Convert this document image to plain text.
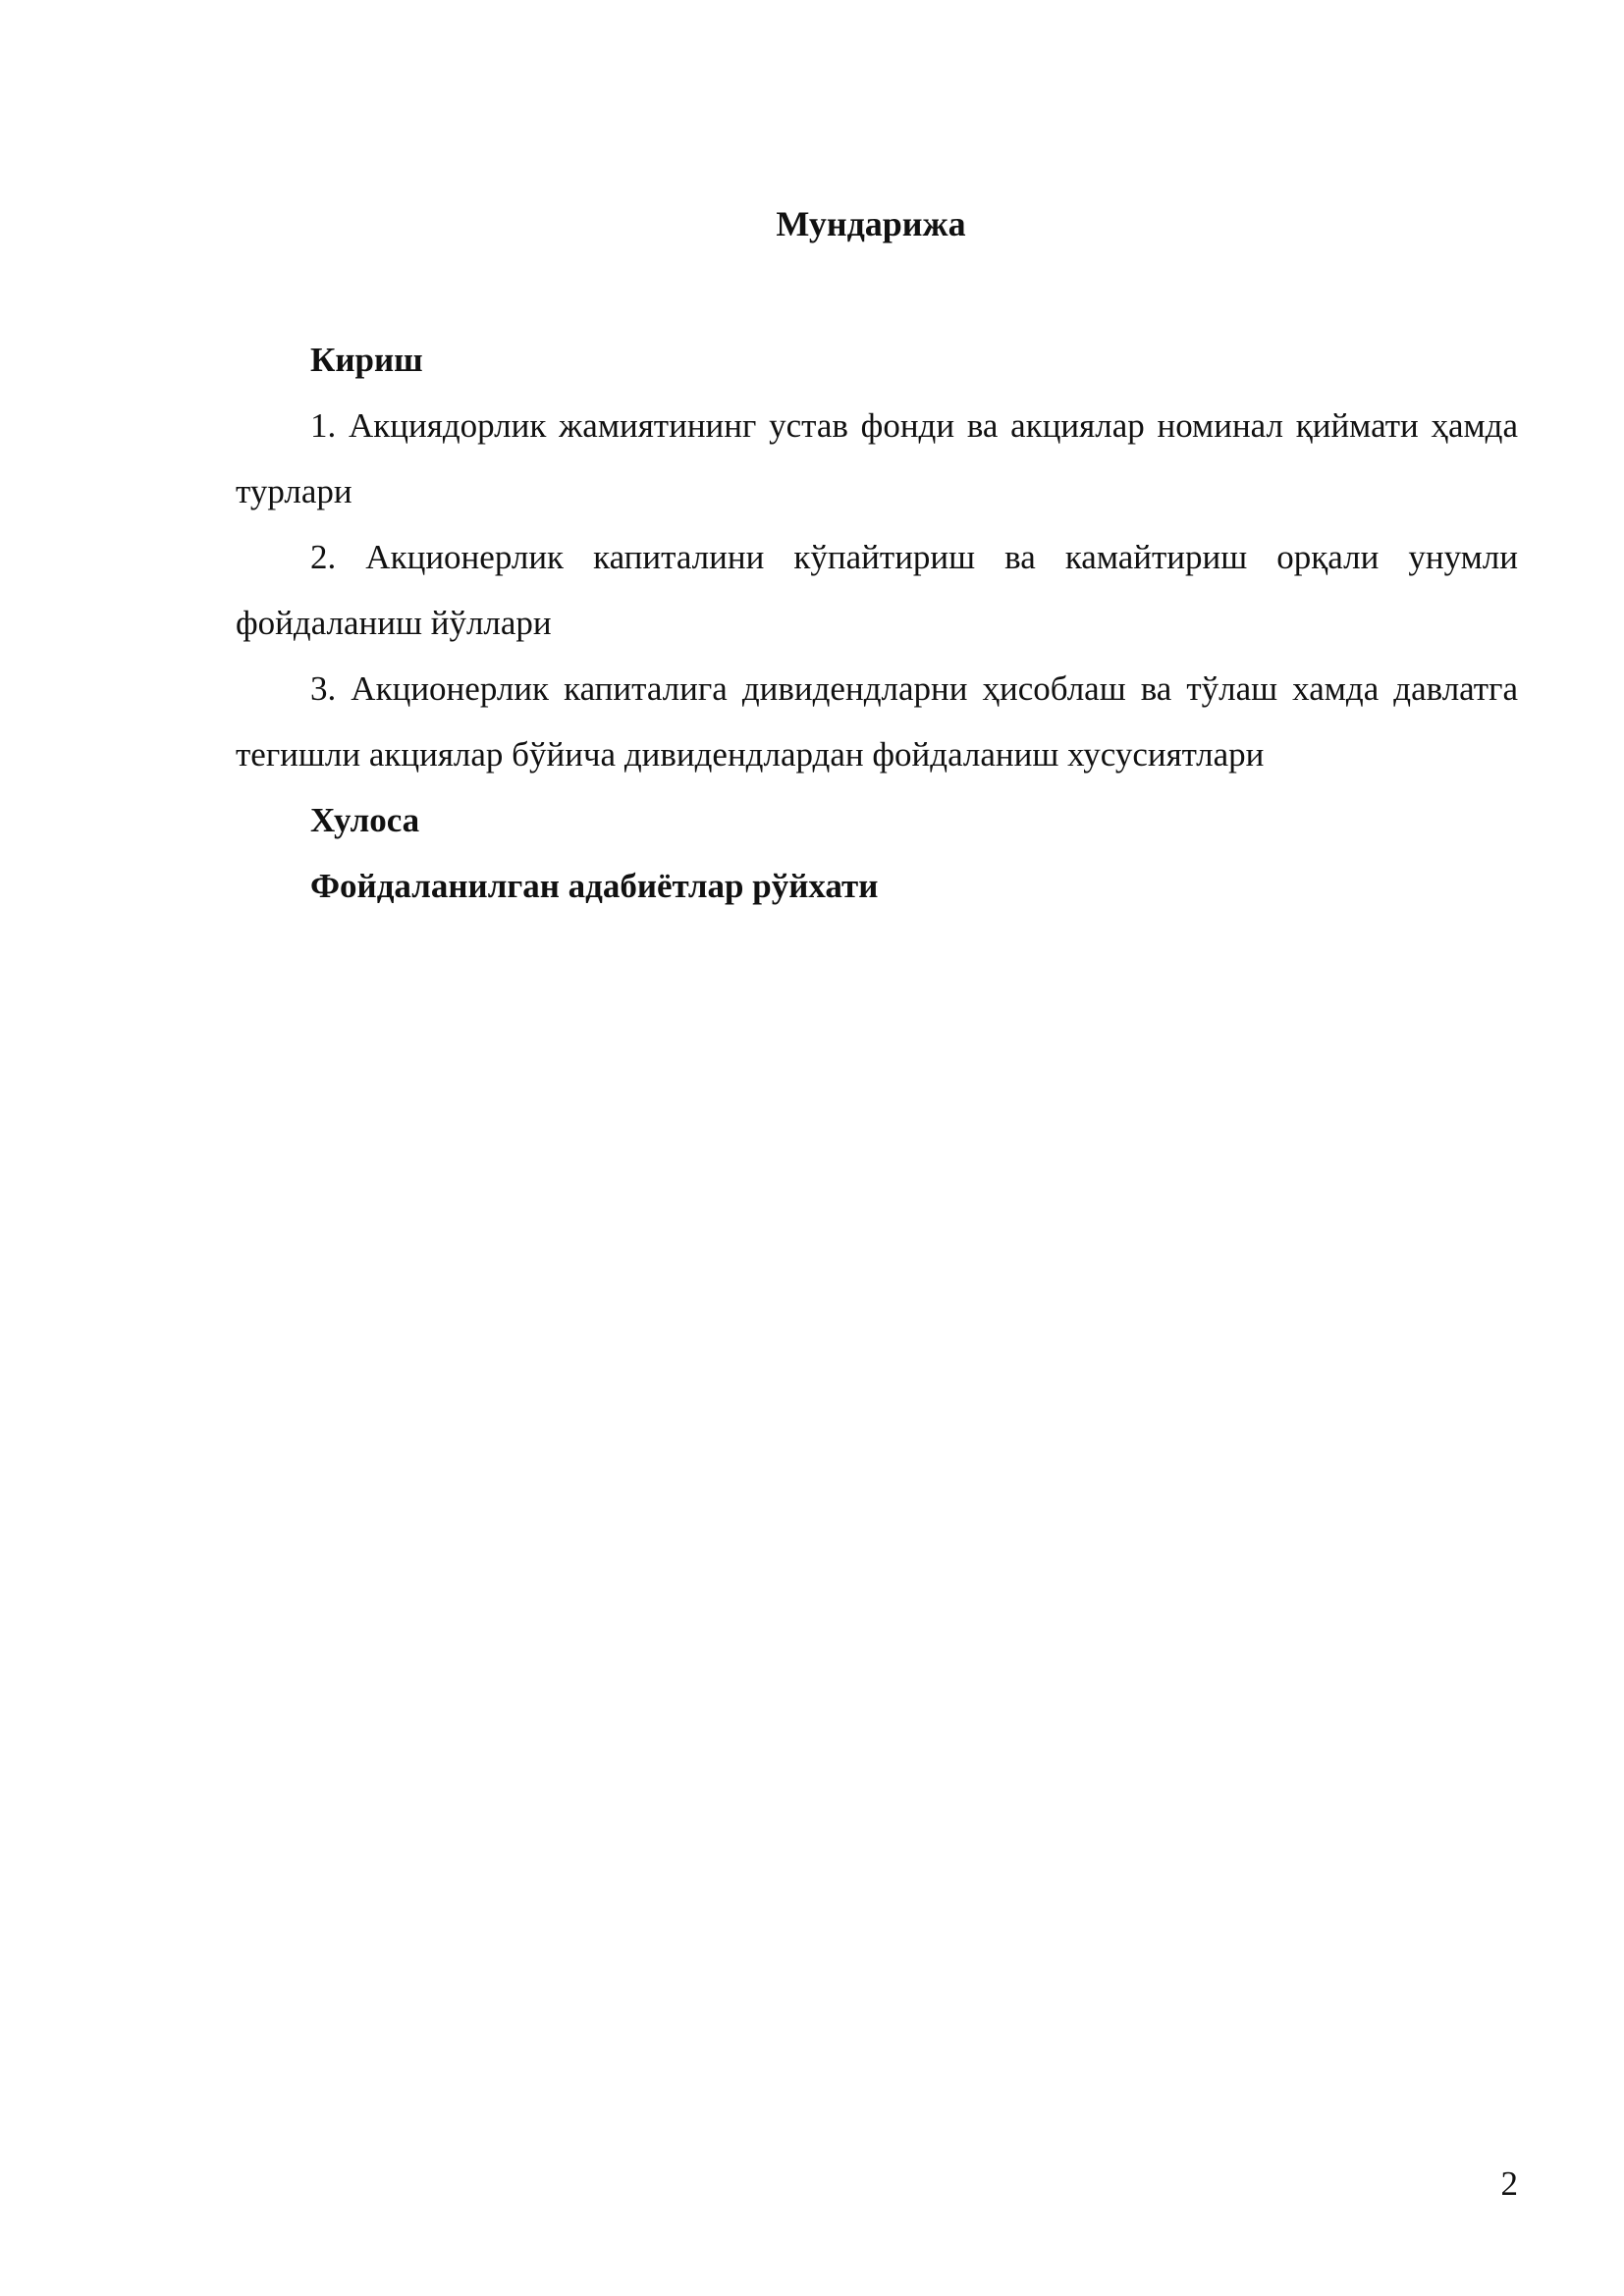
Мундарижа

Кириш

1. Акциядорлик жамиятининг устав фонди ва акциялар номинал қиймати ҳамда турлари

2. Акционерлик капиталини кўпайтириш ва камайтириш орқали унумли фойдаланиш йўллари

3. Акционерлик капиталига дивидендларни ҳисоблаш ва тўлаш хамда давлатга тегишли акциялар бўйича дивидендлардан фойдаланиш хусусиятлари

Хулоса

Фойдаланилган адабиётлар рўйхати

2
